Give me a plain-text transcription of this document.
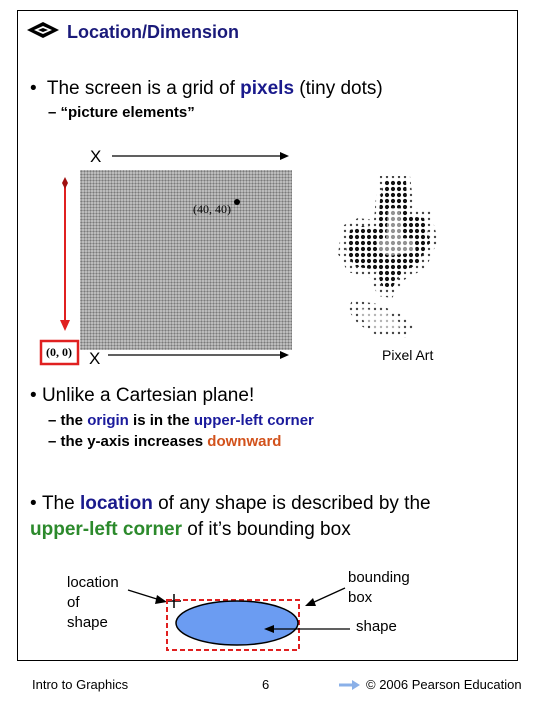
Location/Dimension
•  The screen is a grid of pixels (tiny dots)
– “picture elements”
X
X
(40, 40)
(0, 0)	Pixel Art
• Unlike a Cartesian plane!
– the origin is in the upper-left corner
– the y-axis increases downward
• The location of any shape is described by the upper-left corner of it’s bounding box
location
of
shape
bounding
box
shape
Intro to Graphics	6	© 2006 Pearson Education
